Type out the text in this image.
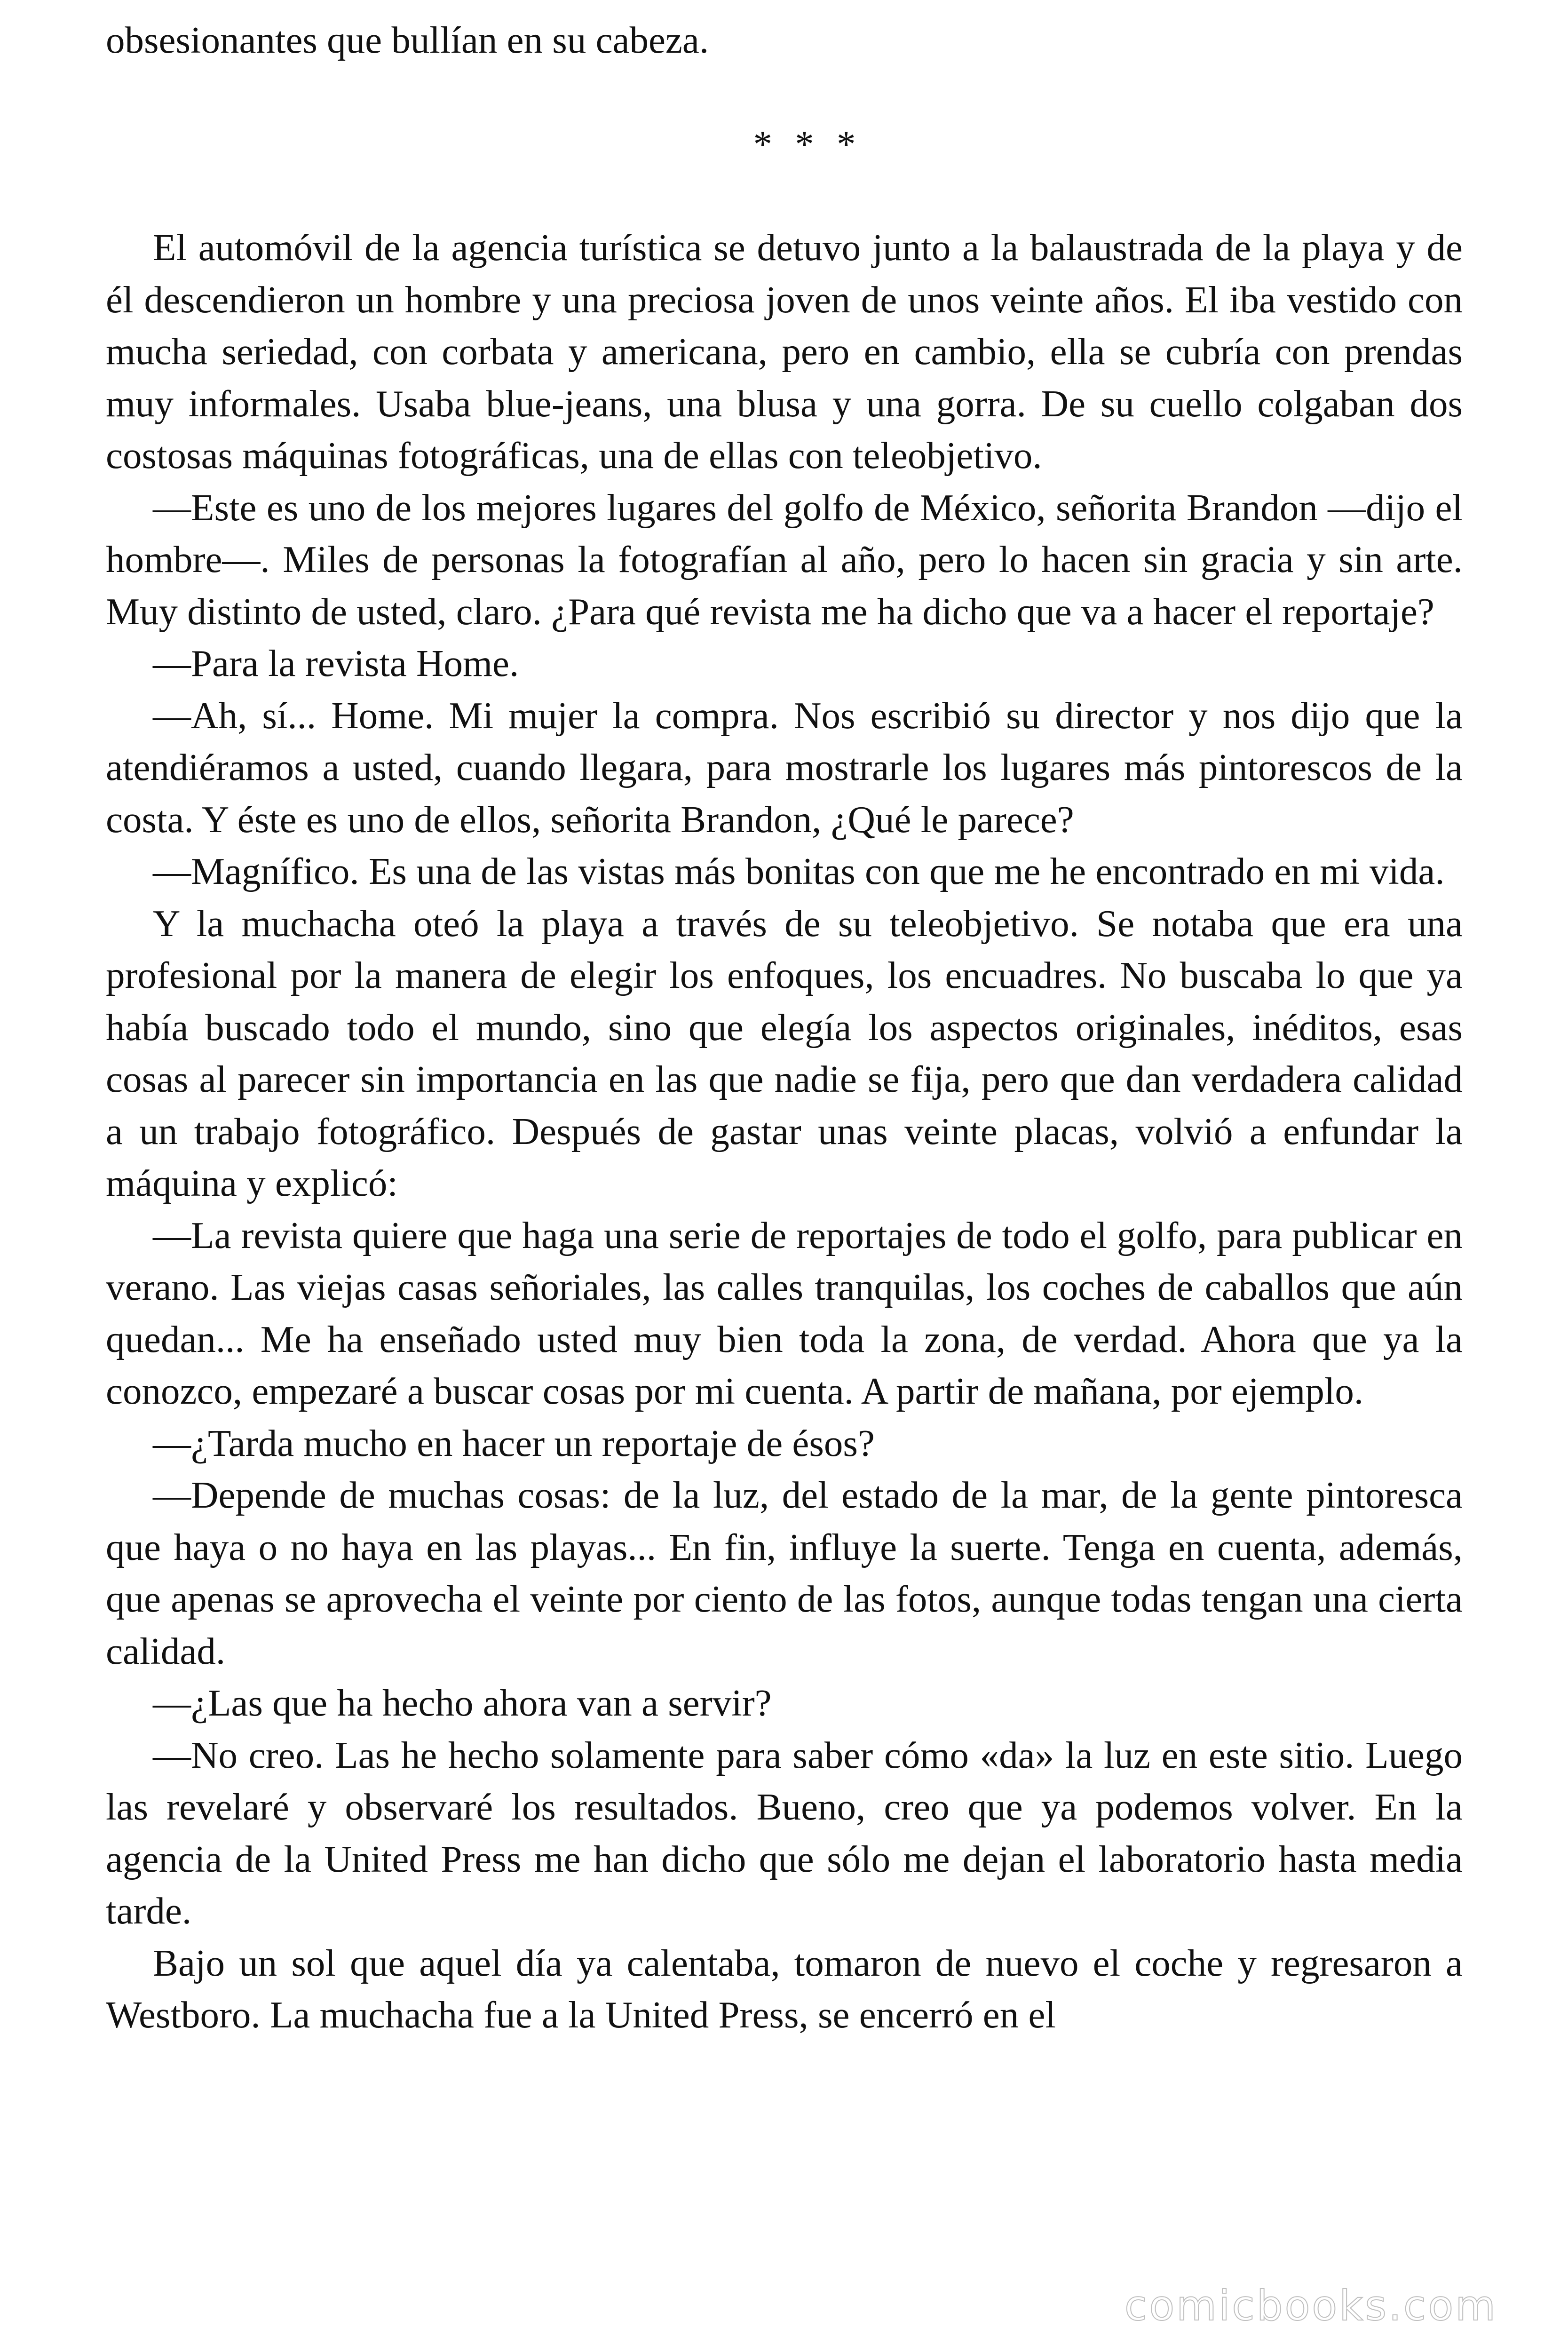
obsesionantes que bullían en su cabeza.

* * *

El automóvil de la agencia turística se detuvo junto a la balaustrada de la playa y de él descendieron un hombre y una preciosa joven de unos veinte años. El iba vestido con mucha seriedad, con corbata y americana, pero en cambio, ella se cubría con prendas muy informales. Usaba blue-jeans, una blusa y una gorra. De su cuello colgaban dos costosas máquinas fotográficas, una de ellas con teleobjetivo.

—Este es uno de los mejores lugares del golfo de México, señorita Brandon —dijo el hombre—. Miles de personas la fotografían al año, pero lo hacen sin gracia y sin arte. Muy distinto de usted, claro. ¿Para qué revista me ha dicho que va a hacer el reportaje?

—Para la revista Home.

—Ah, sí... Home. Mi mujer la compra. Nos escribió su director y nos dijo que la atendiéramos a usted, cuando llegara, para mostrarle los lugares más pintorescos de la costa. Y éste es uno de ellos, señorita Brandon, ¿Qué le parece?

—Magnífico. Es una de las vistas más bonitas con que me he encontrado en mi vida.

Y la muchacha oteó la playa a través de su teleobjetivo. Se notaba que era una profesional por la manera de elegir los enfoques, los encuadres. No buscaba lo que ya había buscado todo el mundo, sino que elegía los aspectos originales, inéditos, esas cosas al parecer sin importancia en las que nadie se fija, pero que dan verdadera calidad a un trabajo fotográfico. Después de gastar unas veinte placas, volvió a enfundar la máquina y explicó:

—La revista quiere que haga una serie de reportajes de todo el golfo, para publicar en verano. Las viejas casas señoriales, las calles tranquilas, los coches de caballos que aún quedan... Me ha enseñado usted muy bien toda la zona, de verdad. Ahora que ya la conozco, empezaré a buscar cosas por mi cuenta. A partir de mañana, por ejemplo.

—¿Tarda mucho en hacer un reportaje de ésos?

—Depende de muchas cosas: de la luz, del estado de la mar, de la gente pintoresca que haya o no haya en las playas... En fin, influye la suerte. Tenga en cuenta, además, que apenas se aprovecha el veinte por ciento de las fotos, aunque todas tengan una cierta calidad.

—¿Las que ha hecho ahora van a servir?

—No creo. Las he hecho solamente para saber cómo «da» la luz en este sitio. Luego las revelaré y observaré los resultados. Bueno, creo que ya podemos volver. En la agencia de la United Press me han dicho que sólo me dejan el laboratorio hasta media tarde.

Bajo un sol que aquel día ya calentaba, tomaron de nuevo el coche y regresaron a Westboro. La muchacha fue a la United Press, se encerró en el

comicbooks.com
